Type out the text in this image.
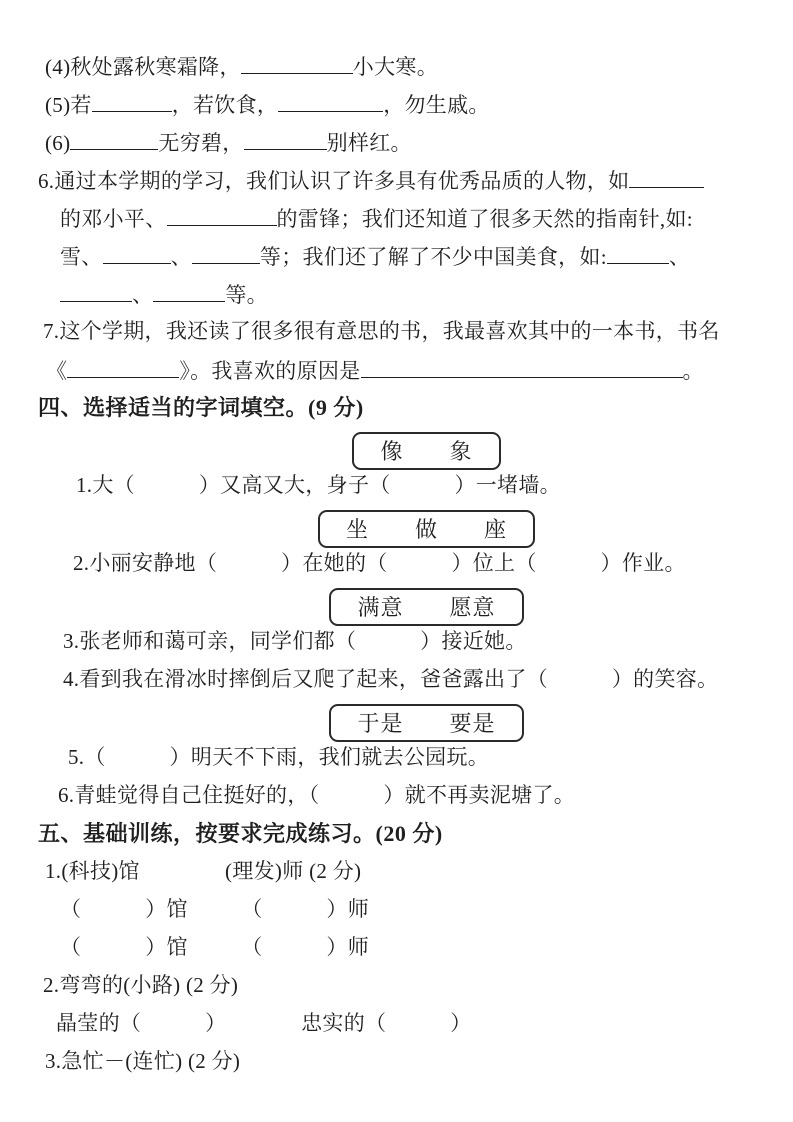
(4)秋处露秋寒霜降，	小大寒。
(5)若	，若饮食，	，勿生戚。
(6)	无穷碧，	别样红。
6.通过本学期的学习，我们认识了许多具有优秀品质的人物，如
的邓小平、	的雷锋；我们还知道了很多天然的指南针,如:
雪、	、	等；我们还了解了不少中国美食，如:	、
、	等。
7.这个学期，我还读了很多很有意思的书，我最喜欢其中的一本书，书名
《	》。我喜欢的原因是	。
四、选择适当的字词填空。(9 分)
像　　象
1.大（　　　）又高又大，身子（　　　）一堵墙。
坐　　做　　座
2.小丽安静地（　　　）在她的（　　　）位上（　　　）作业。
满意　　愿意
3.张老师和蔼可亲，同学们都（　　　）接近她。
4.看到我在滑冰时摔倒后又爬了起来，爸爸露出了（　　　）的笑容。
于是　　要是
5.（　　　）明天不下雨，我们就去公园玩。
6.青蛙觉得自己住挺好的，（　　　）就不再卖泥塘了。
五、基础训练，按要求完成练习。(20 分)
1.(科技)馆　　　　(理发)师 (2 分)
（　　　）馆　　　（　　　）师
（　　　）馆　　　（　　　）师
2.弯弯的(小路) (2 分)
晶莹的（　　　）　　　　忠实的（　　　）
3.急忙－(连忙) (2 分)
